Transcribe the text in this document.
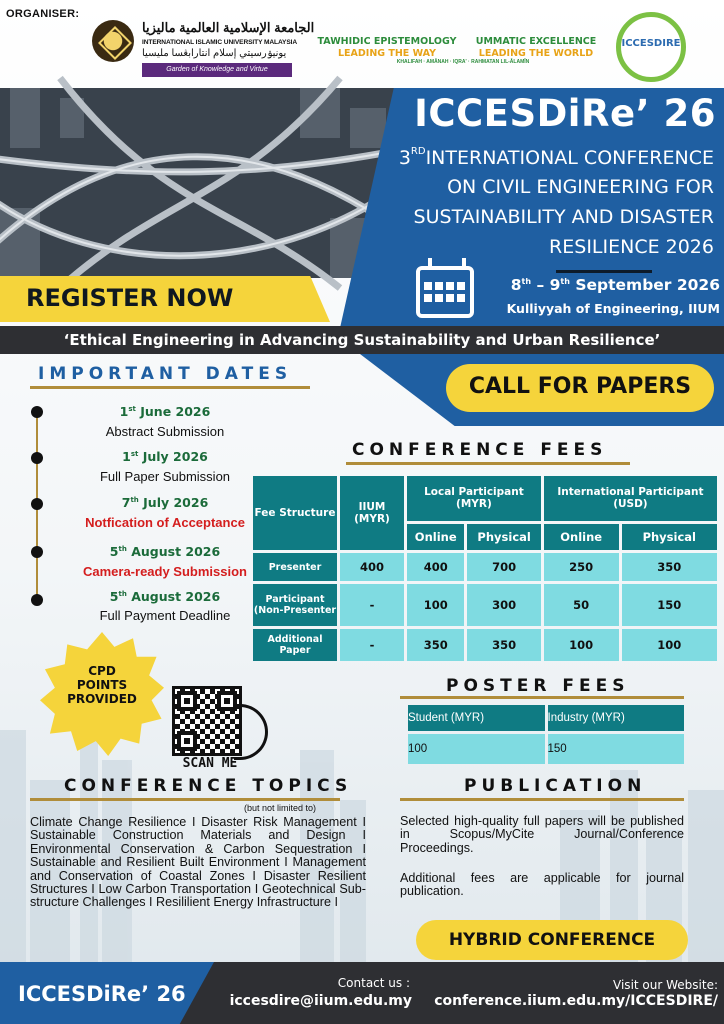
ORGANISER:
الجامعة الإسلامية العالمية ماليزيا
INTERNATIONAL ISLAMIC UNIVERSITY MALAYSIA
يونيۏرسيتي إسلام انتارابڠسا مليسيا
Garden of Knowledge and Virtue
TAWHIDIC EPISTEMOLOGY
LEADING THE WAY
UMMATIC EXCELLENCE
LEADING THE WORLD
KHALIFAH · AMĀNAH · IQRA' · RAHMATAN LIL-ĀLAMĪN
ICCESDIRE
ICCESDiRe’ 26
3RDINTERNATIONAL CONFERENCE
ON CIVIL ENGINEERING FOR
SUSTAINABILITY AND DISASTER
RESILIENCE 2026
8th – 9th September 2026
Kulliyyah of Engineering, IIUM
REGISTER NOW
‘Ethical Engineering in Advancing Sustainability and Urban Resilience’
CALL FOR PAPERS
IMPORTANT DATES
1st June 2026
Abstract Submission
1st July 2026
Full Paper Submission
7th July 2026
Notfication of Acceptance
5th August 2026
Camera-ready Submission
5th August 2026
Full Payment Deadline
CONFERENCE FEES
Fee Structure	IIUM (MYR)	Local Participant (MYR)		International Participant (USD)	
		Online	Physical	Online	Physical
Presenter	400	400	700	250	350
Participant (Non-Presenter	-	100	300	50	150
Additional Paper	-	350	350	100	100
CPD
POINTS
PROVIDED
SCAN ME
POSTER FEES
Student (MYR)	Industry (MYR)
100	150
CONFERENCE TOPICS
(but not limited to)
Climate Change Resilience I Disaster Risk Management I Sustainable Construction Materials and Design I Environmental Conservation & Carbon Sequestration I Sustainable and Resilient Built Environment I Management and Conservation of Coastal Zones I Disaster Resilient Structures I Low Carbon Transportation I Geotechnical Sub-structure Challenges I Resililient Energy Infrastructure I
PUBLICATION
Selected high-quality full papers will be published in Scopus/MyCite Journal/Conference Proceedings.
Additional fees are applicable for journal publication.
HYBRID CONFERENCE
ICCESDiRe’ 26	Contact us :
iccesdire@iium.edu.my
Visit our Website:
conference.iium.edu.my/ICCESDIRE/
